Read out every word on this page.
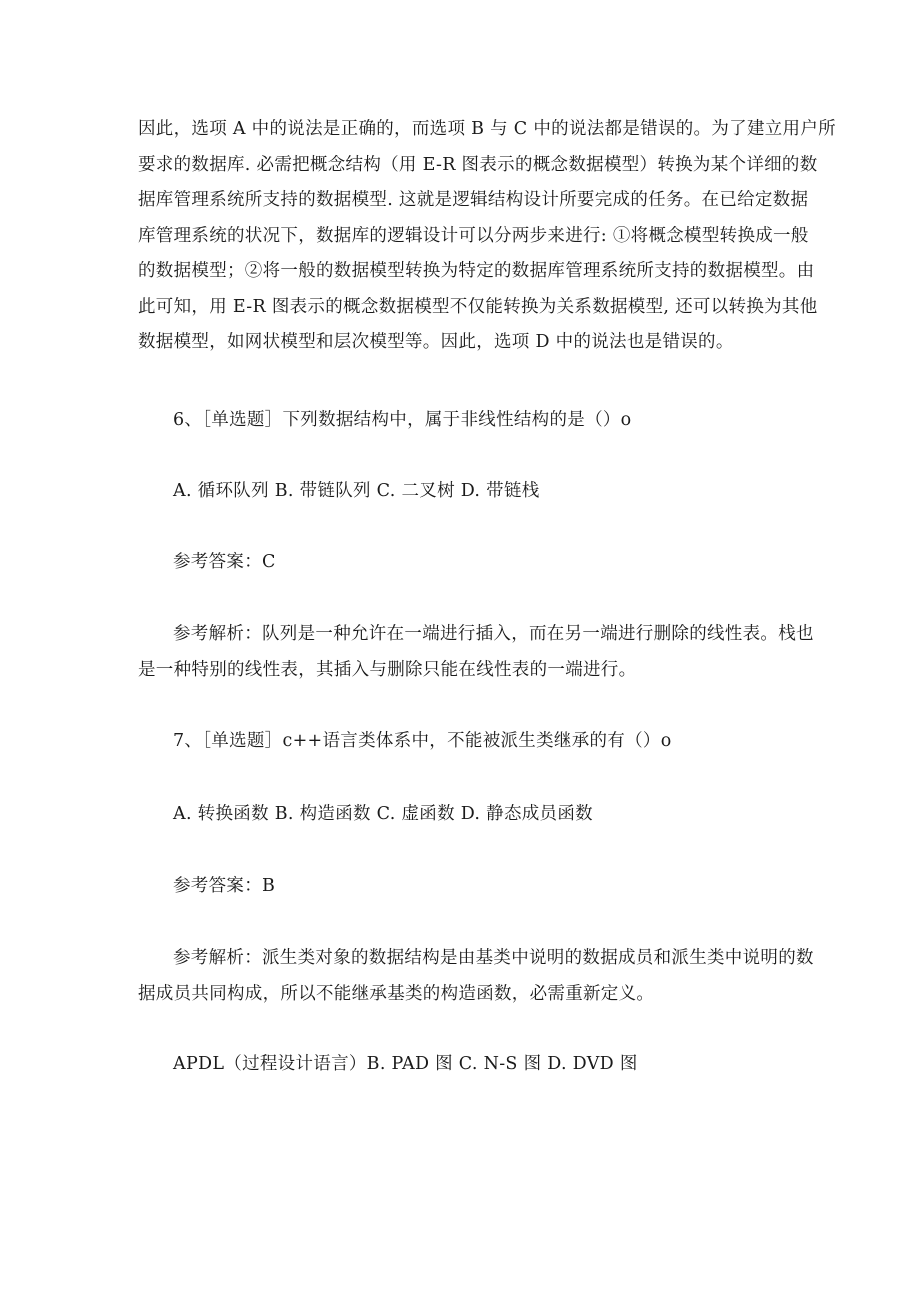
因此，选项 A 中的说法是正确的，而选项 B 与 C 中的说法都是错误的。为了建立用户所
要求的数据库. 必需把概念结构（用 E-R 图表示的概念数据模型）转换为某个详细的数
据库管理系统所支持的数据模型. 这就是逻辑结构设计所要完成的任务。在已给定数据
库管理系统的状况下，数据库的逻辑设计可以分两步来进行: ①将概念模型转换成一般
的数据模型；②将一般的数据模型转换为特定的数据库管理系统所支持的数据模型。由
此可知，用 E-R 图表示的概念数据模型不仅能转换为关系数据模型, 还可以转换为其他
数据模型，如网状模型和层次模型等。因此，选项 D 中的说法也是错误的。
6、［单选题］下列数据结构中，属于非线性结构的是（）o
A. 循环队列 B. 带链队列 C. 二叉树 D. 带链栈
参考答案：C
参考解析：队列是一种允许在一端进行插入，而在另一端进行删除的线性表。栈也
是一种特别的线性表，其插入与删除只能在线性表的一端进行。
7、［单选题］c++语言类体系中，不能被派生类继承的有（）o
A. 转换函数 B. 构造函数 C. 虚函数 D. 静态成员函数
参考答案：B
参考解析：派生类对象的数据结构是由基类中说明的数据成员和派生类中说明的数
据成员共同构成，所以不能继承基类的构造函数，必需重新定义。
APDL（过程设计语言）B. PAD 图 C. N-S 图 D. DVD 图
